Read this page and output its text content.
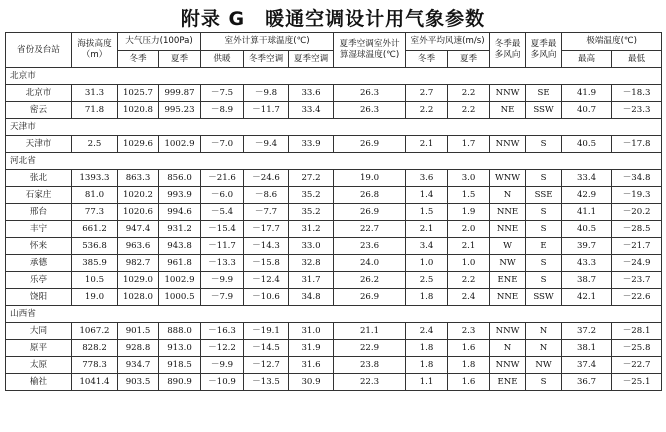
附录 G　暖通空调设计用气象参数
省份及台站	海拔高度（m）	大气压力(100Pa)		室外计算干球温度(℃)			夏季空调室外计算湿球温度(℃)	室外平均风速(m/s)		冬季最多风向	夏季最多风向	极端温度(℃)	
		冬季	夏季	供暖	冬季空调	夏季空调		冬季	夏季			最高	最低
北京市													
北京市	31.3	1025.7	999.87	－7.5	－9.8	33.6	26.3	2.7	2.2	NNW	SE	41.9	－18.3
密云	71.8	1020.8	995.23	－8.9	－11.7	33.4	26.3	2.2	2.2	NE	SSW	40.7	－23.3
天津市													
天津市	2.5	1029.6	1002.9	－7.0	－9.4	33.9	26.9	2.1	1.7	NNW	S	40.5	－17.8
河北省													
张北	1393.3	863.3	856.0	－21.6	－24.6	27.2	19.0	3.6	3.0	WNW	S	33.4	－34.8
石家庄	81.0	1020.2	993.9	－6.0	－8.6	35.2	26.8	1.4	1.5	N	SSE	42.9	－19.3
邢台	77.3	1020.6	994.6	－5.4	－7.7	35.2	26.9	1.5	1.9	NNE	S	41.1	－20.2
丰宁	661.2	947.4	931.2	－15.4	－17.7	31.2	22.7	2.1	2.0	NNE	S	40.5	－28.5
怀来	536.8	963.6	943.8	－11.7	－14.3	33.0	23.6	3.4	2.1	W	E	39.7	－21.7
承德	385.9	982.7	961.8	－13.3	－15.8	32.8	24.0	1.0	1.0	NW	S	43.3	－24.9
乐亭	10.5	1029.0	1002.9	－9.9	－12.4	31.7	26.2	2.5	2.2	ENE	S	38.7	－23.7
饶阳	19.0	1028.0	1000.5	－7.9	－10.6	34.8	26.9	1.8	2.4	NNE	SSW	42.1	－22.6
山西省													
大同	1067.2	901.5	888.0	－16.3	－19.1	31.0	21.1	2.4	2.3	NNW	N	37.2	－28.1
原平	828.2	928.8	913.0	－12.2	－14.5	31.9	22.9	1.8	1.6	N	N	38.1	－25.8
太原	778.3	934.7	918.5	－9.9	－12.7	31.6	23.8	1.8	1.8	NNW	NW	37.4	－22.7
榆社	1041.4	903.5	890.9	－10.9	－13.5	30.9	22.3	1.1	1.6	ENE	S	36.7	－25.1
